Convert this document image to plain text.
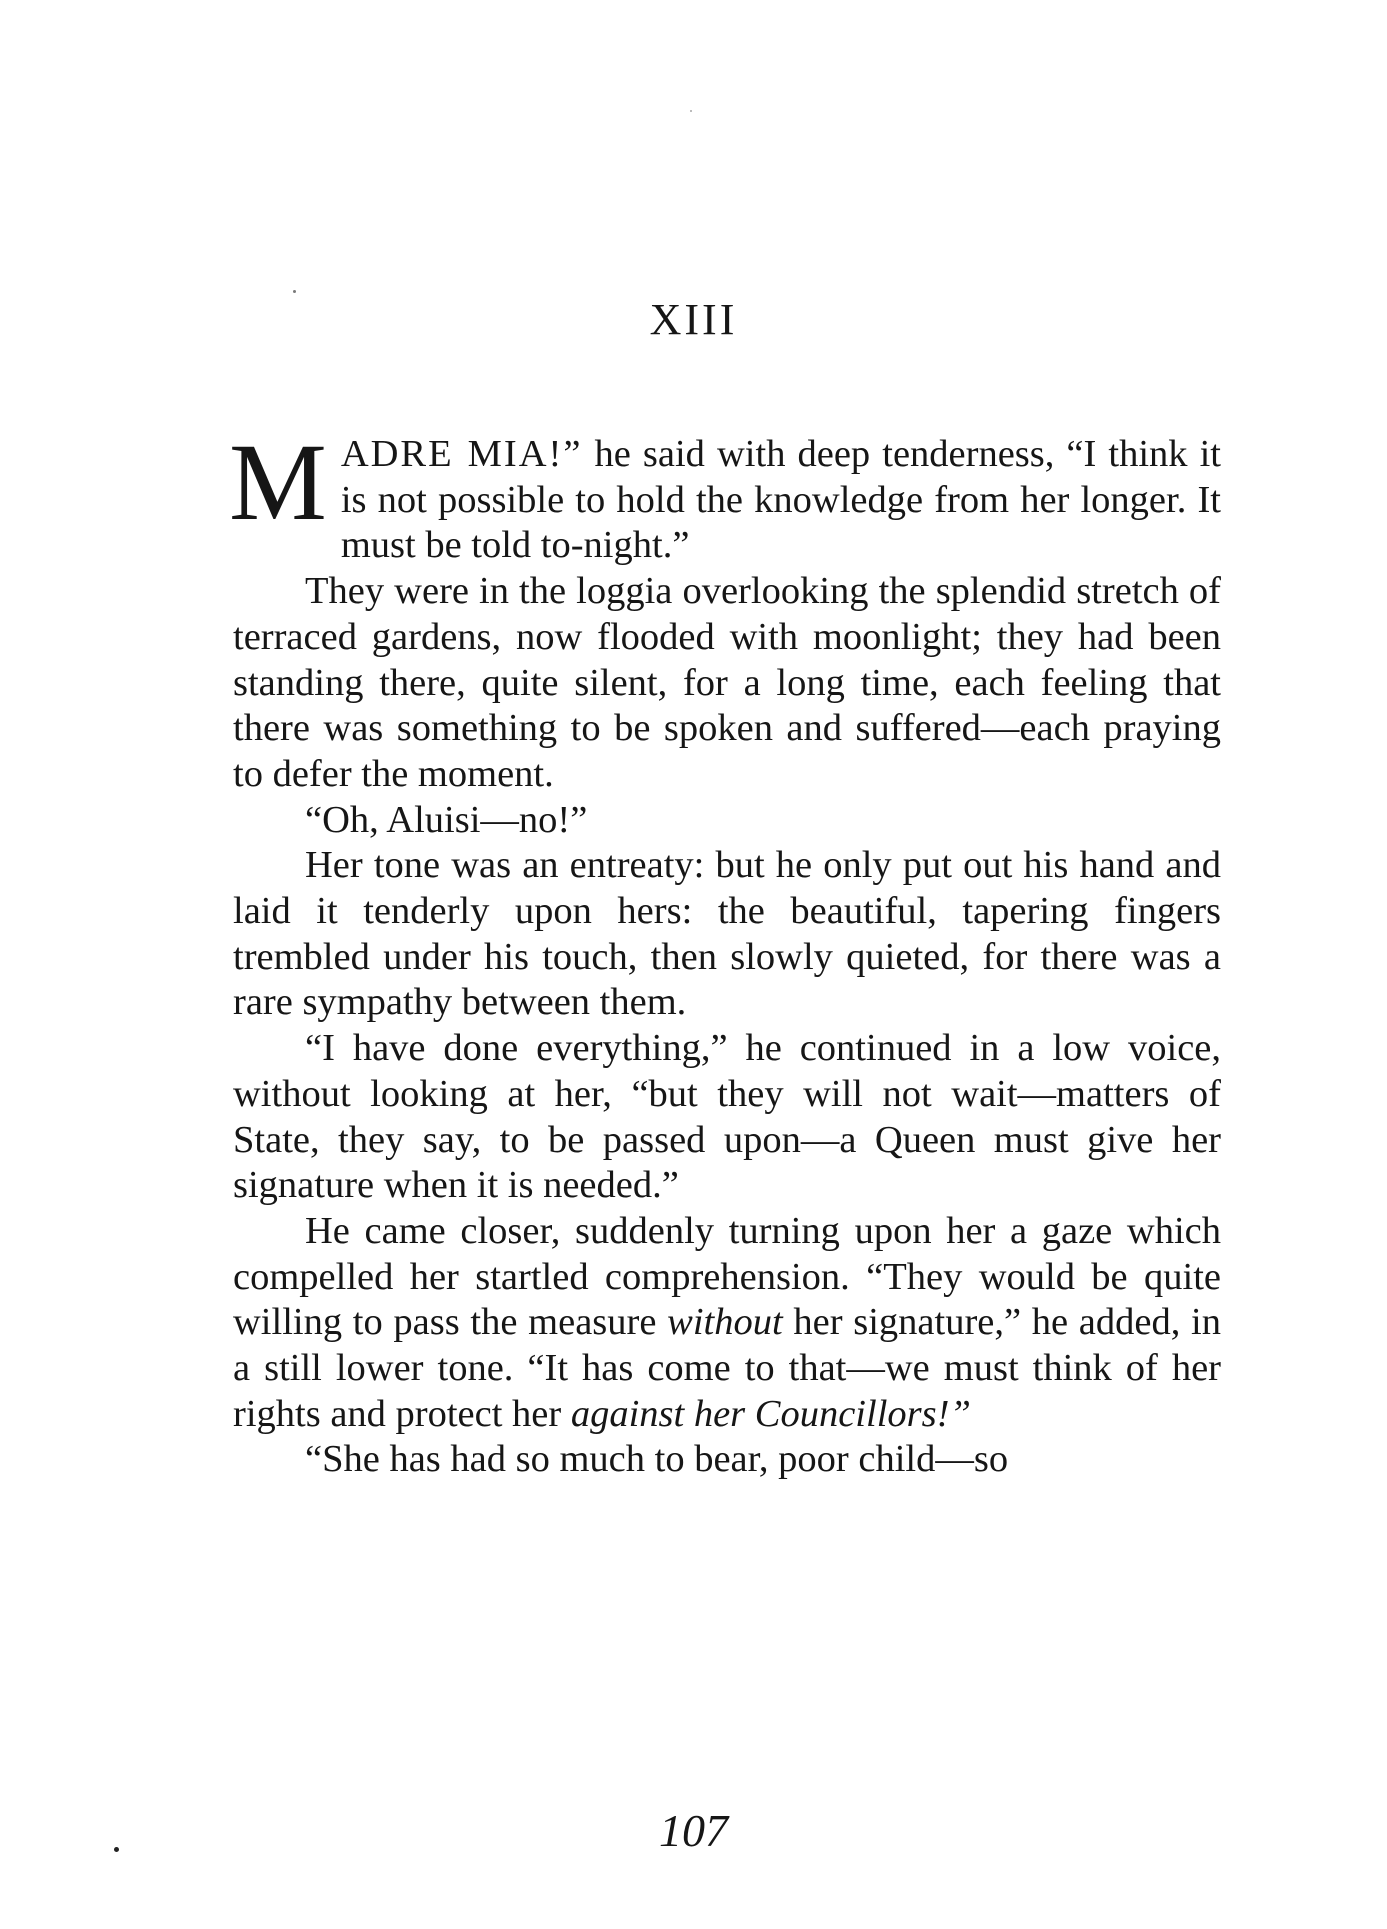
XIII

MADRE MIA!” he said with deep tenderness, “I think it is not possible to hold the knowledge from her longer. It must be told to-night.”

They were in the loggia overlooking the splendid stretch of terraced gardens, now flooded with moonlight; they had been standing there, quite silent, for a long time, each feeling that there was something to be spoken and suffered—each praying to defer the moment.

“Oh, Aluisi—no!”

Her tone was an entreaty: but he only put out his hand and laid it tenderly upon hers: the beautiful, tapering fingers trembled under his touch, then slowly quieted, for there was a rare sympathy between them.

“I have done everything,” he continued in a low voice, without looking at her, “but they will not wait—matters of State, they say, to be passed upon—a Queen must give her signature when it is needed.”

He came closer, suddenly turning upon her a gaze which compelled her startled comprehension. “They would be quite willing to pass the measure without her signature,” he added, in a still lower tone. “It has come to that—we must think of her rights and protect her against her Councillors!”

“She has had so much to bear, poor child—so

107
